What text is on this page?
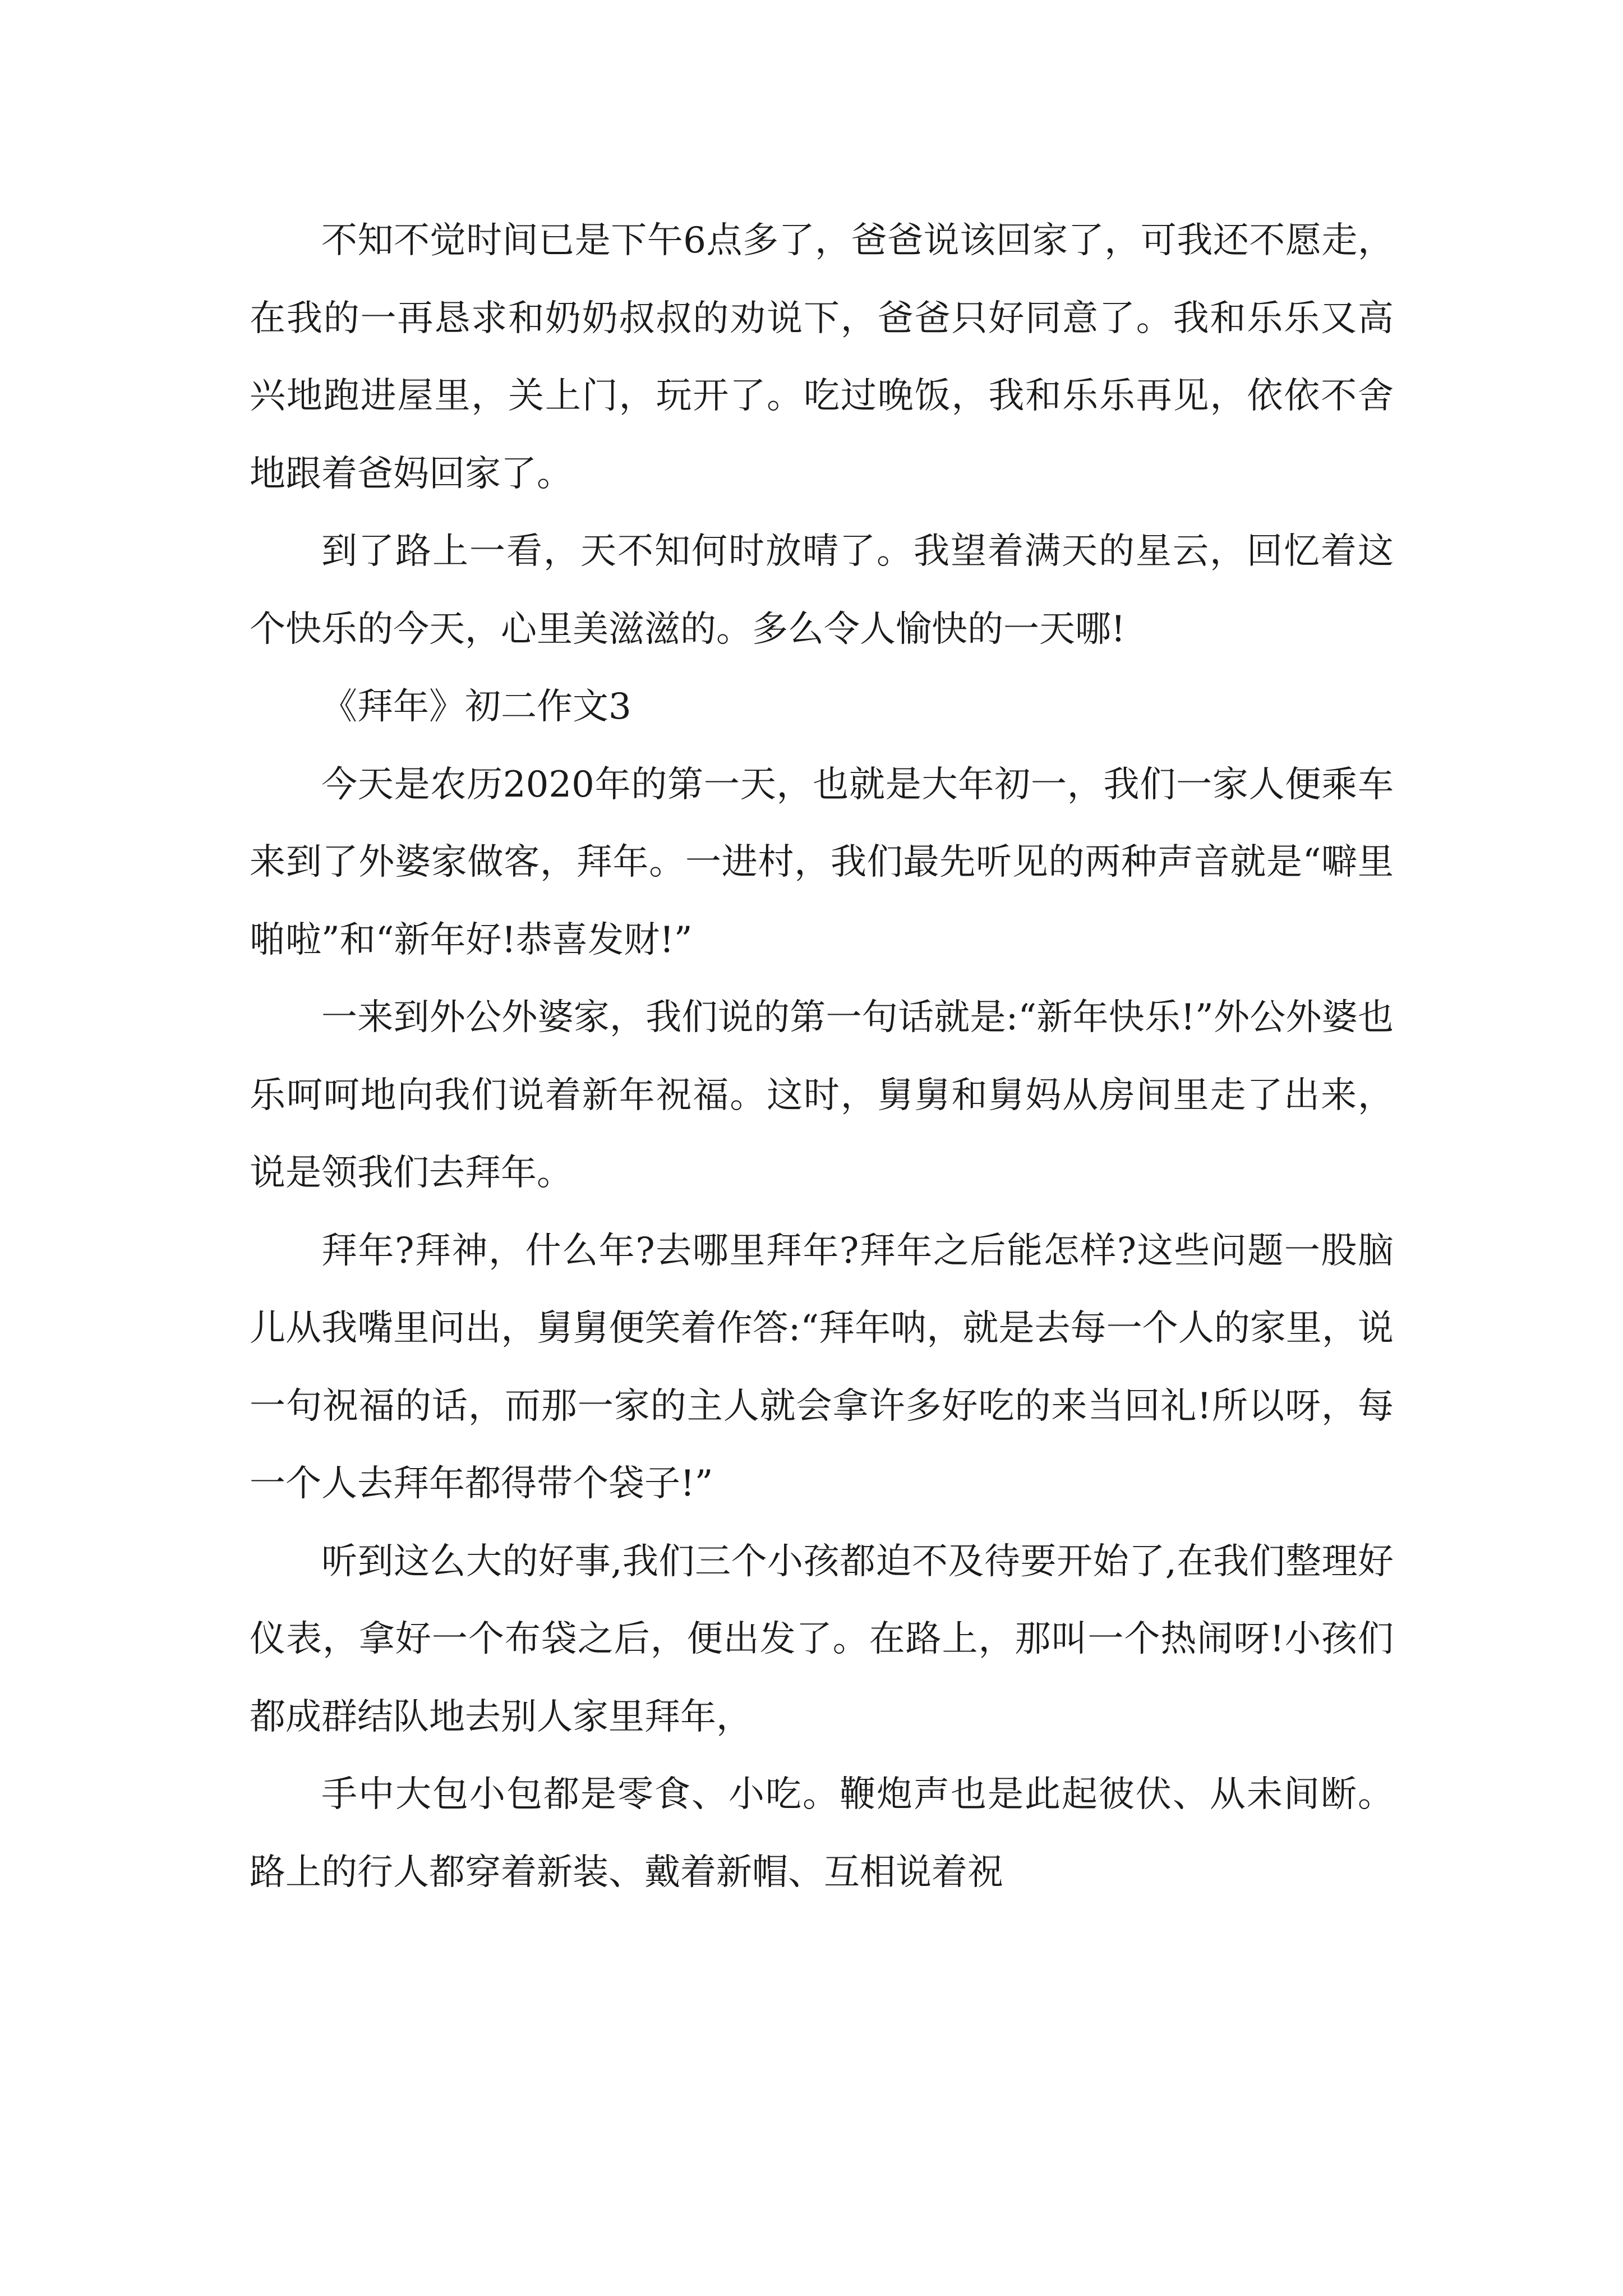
不知不觉时间已是下午6点多了，爸爸说该回家了，可我还不愿走，在我的一再恳求和奶奶叔叔的劝说下，爸爸只好同意了。我和乐乐又高兴地跑进屋里，关上门，玩开了。吃过晚饭，我和乐乐再见，依依不舍地跟着爸妈回家了。

到了路上一看，天不知何时放晴了。我望着满天的星云，回忆着这个快乐的今天，心里美滋滋的。多么令人愉快的一天哪!

《拜年》初二作文3

今天是农历2020年的第一天，也就是大年初一，我们一家人便乘车来到了外婆家做客，拜年。一进村，我们最先听见的两种声音就是“噼里啪啦”和“新年好!恭喜发财!”

一来到外公外婆家，我们说的第一句话就是:“新年快乐!”外公外婆也乐呵呵地向我们说着新年祝福。这时，舅舅和舅妈从房间里走了出来，说是领我们去拜年。

拜年?拜神，什么年?去哪里拜年?拜年之后能怎样?这些问题一股脑儿从我嘴里问出，舅舅便笑着作答:“拜年呐，就是去每一个人的家里，说一句祝福的话，而那一家的主人就会拿许多好吃的来当回礼!所以呀，每一个人去拜年都得带个袋子!”

听到这么大的好事,我们三个小孩都迫不及待要开始了,在我们整理好仪表，拿好一个布袋之后，便出发了。在路上，那叫一个热闹呀!小孩们都成群结队地去别人家里拜年，

手中大包小包都是零食、小吃。鞭炮声也是此起彼伏、从未间断。路上的行人都穿着新装、戴着新帽、互相说着祝
